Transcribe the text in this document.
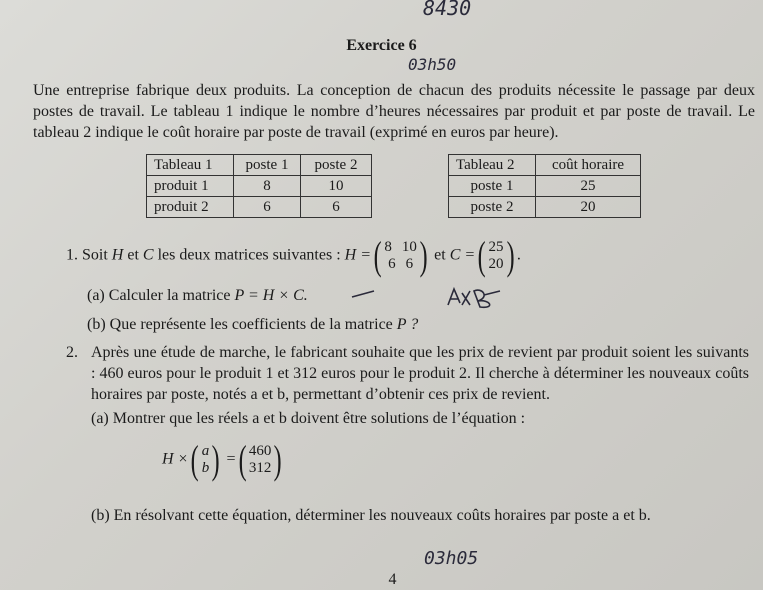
8430
03h50
03h05
Exercice 6
Une entreprise fabrique deux produits. La conception de chacun des produits nécessite le passage par deux postes de travail. Le tableau 1 indique le nombre d’heures nécessaires par produit et par poste de travail. Le tableau 2 indique le coût horaire par poste de travail (exprimé en euros par heure).
Tableau 1	poste 1	poste 2
produit 1	8	10
produit 2	6	6
Tableau 2	coût horaire
poste 1	25
poste 2	20
1. Soit H et C les deux matrices suivantes : H =( 8 10
6 6 ) et C =( 25
20 ) .
(a) Calculer la matrice P = H × C.
(b) Que représente les coefficients de la matrice P ?
2. Après une étude de marche, le fabricant souhaite que les prix de revient par produit soient les suivants : 460 euros pour le produit 1 et 312 euros pour le produit 2. Il cherche à déterminer les nouveaux coûts horaires par poste, notés a et b, permettant d’obtenir ces prix de revient.
(a) Montrer que les réels a et b doivent être solutions de l’équation :
H ×( a
b ) =( 460
312 )
(b) En résolvant cette équation, déterminer les nouveaux coûts horaires par poste a et b.
4
